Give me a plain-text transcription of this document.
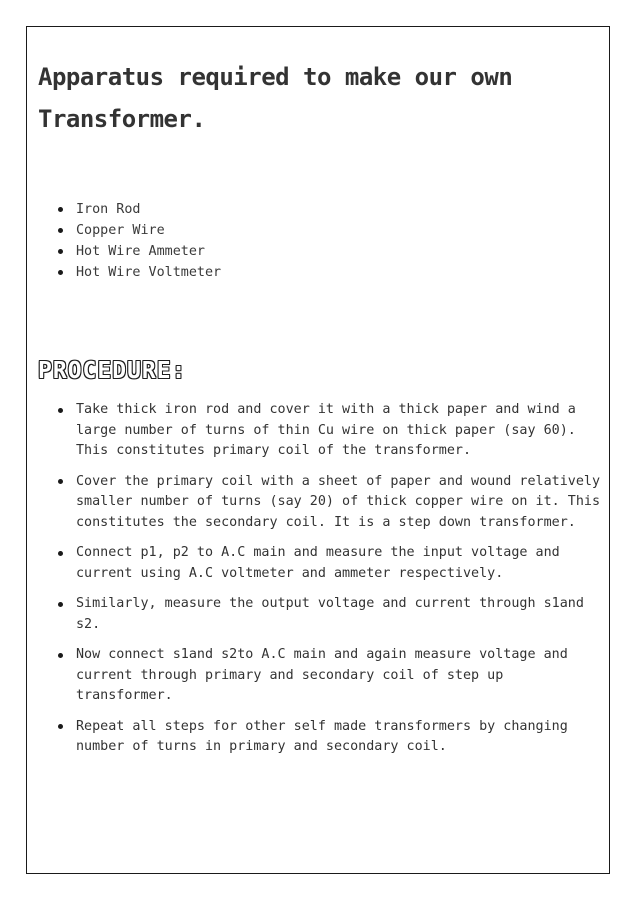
Apparatus required to make our own Transformer.
Iron Rod
Copper Wire
Hot Wire Ammeter
Hot Wire Voltmeter
PROCEDURE:
Take thick iron rod and cover it with a thick paper and wind a large number of turns of thin Cu wire on thick paper (say 60). This constitutes primary coil of the transformer.
Cover the primary coil with a sheet of paper and wound relatively smaller number of turns (say 20) of thick copper wire on it. This constitutes the secondary coil. It is a step down transformer.
Connect p1, p2 to A.C main and measure the input voltage and current using A.C voltmeter and ammeter respectively.
Similarly, measure the output voltage and current through s1and s2.
Now connect s1and s2to A.C main and again measure voltage and current through primary and secondary coil of step up transformer.
Repeat all steps for other self made transformers by changing number of turns in primary and secondary coil.
